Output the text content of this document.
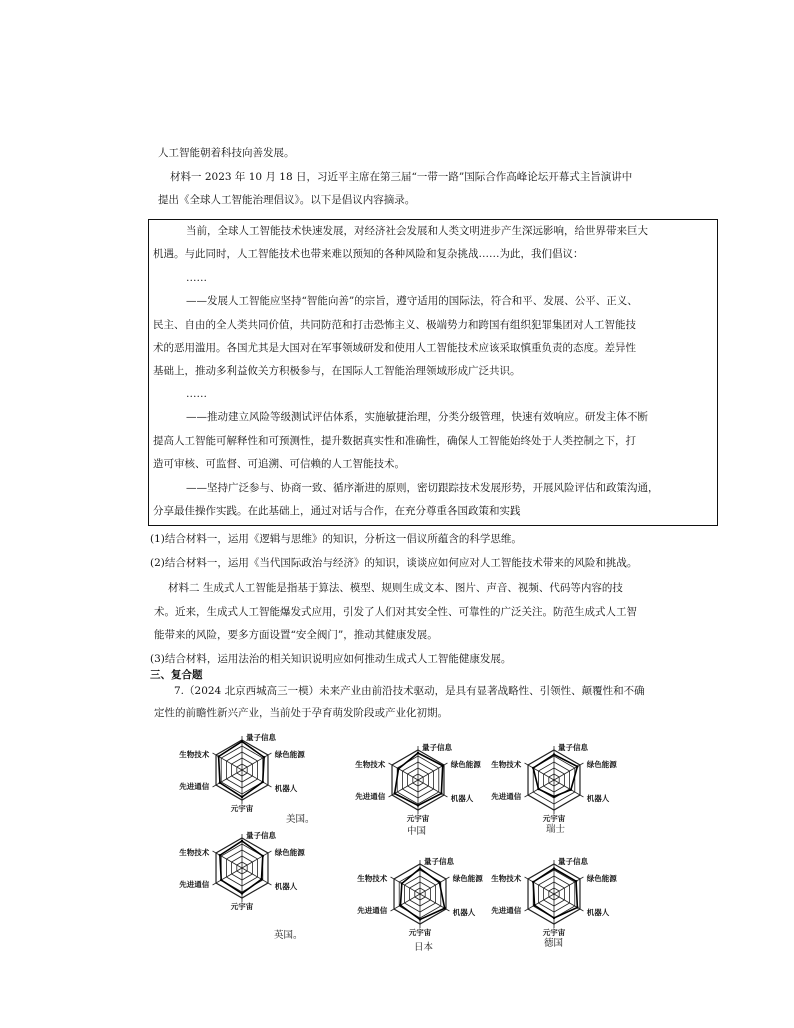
人工智能朝着科技向善发展。
材料一 2023 年 10 月 18 日，习近平主席在第三届“一带一路”国际合作高峰论坛开幕式主旨演讲中
提出《全球人工智能治理倡议》。以下是倡议内容摘录。
当前，全球人工智能技术快速发展，对经济社会发展和人类文明进步产生深远影响，给世界带来巨大
机遇。与此同时，人工智能技术也带来难以预知的各种风险和复杂挑战……为此，我们倡议：
……
——发展人工智能应坚持“智能向善”的宗旨，遵守适用的国际法，符合和平、发展、公平、正义、
民主、自由的全人类共同价值，共同防范和打击恐怖主义、极端势力和跨国有组织犯罪集团对人工智能技
术的恶用滥用。各国尤其是大国对在军事领域研发和使用人工智能技术应该采取慎重负责的态度。差异性
基础上，推动多利益攸关方积极参与，在国际人工智能治理领域形成广泛共识。
……
——推动建立风险等级测试评估体系，实施敏捷治理，分类分级管理，快速有效响应。研发主体不断
提高人工智能可解释性和可预测性，提升数据真实性和准确性，确保人工智能始终处于人类控制之下，打
造可审核、可监督、可追溯、可信赖的人工智能技术。
——坚持广泛参与、协商一致、循序渐进的原则，密切跟踪技术发展形势，开展风险评估和政策沟通，
分享最佳操作实践。在此基础上，通过对话与合作，在充分尊重各国政策和实践
(1)结合材料一，运用《逻辑与思维》的知识，分析这一倡议所蕴含的科学思维。
(2)结合材料一，运用《当代国际政治与经济》的知识，谈谈应如何应对人工智能技术带来的风险和挑战。
材料二 生成式人工智能是指基于算法、模型、规则生成文本、图片、声音、视频、代码等内容的技
术。近来，生成式人工智能爆发式应用，引发了人们对其安全性、可靠性的广泛关注。防范生成式人工智
能带来的风险，要多方面设置“安全阀门”，推动其健康发展。
(3)结合材料，运用法治的相关知识说明应如何推动生成式人工智能健康发展。
三、复合题
7.（2024 北京西城高三一模）未来产业由前沿技术驱动，是具有显著战略性、引领性、颠覆性和不确
定性的前瞻性新兴产业，当前处于孕育萌发阶段或产业化初期。
量子信息
绿色能源
机器人
元宇宙
先进通信
生物技术
美国。
量子信息
绿色能源
机器人
元宇宙
先进通信
生物技术
中国
量子信息
绿色能源
机器人
元宇宙
先进通信
生物技术
瑞士
量子信息
绿色能源
机器人
元宇宙
先进通信
生物技术
英国。
量子信息
绿色能源
机器人
元宇宙
先进通信
生物技术
日本
量子信息
绿色能源
机器人
元宇宙
先进通信
生物技术
德国
